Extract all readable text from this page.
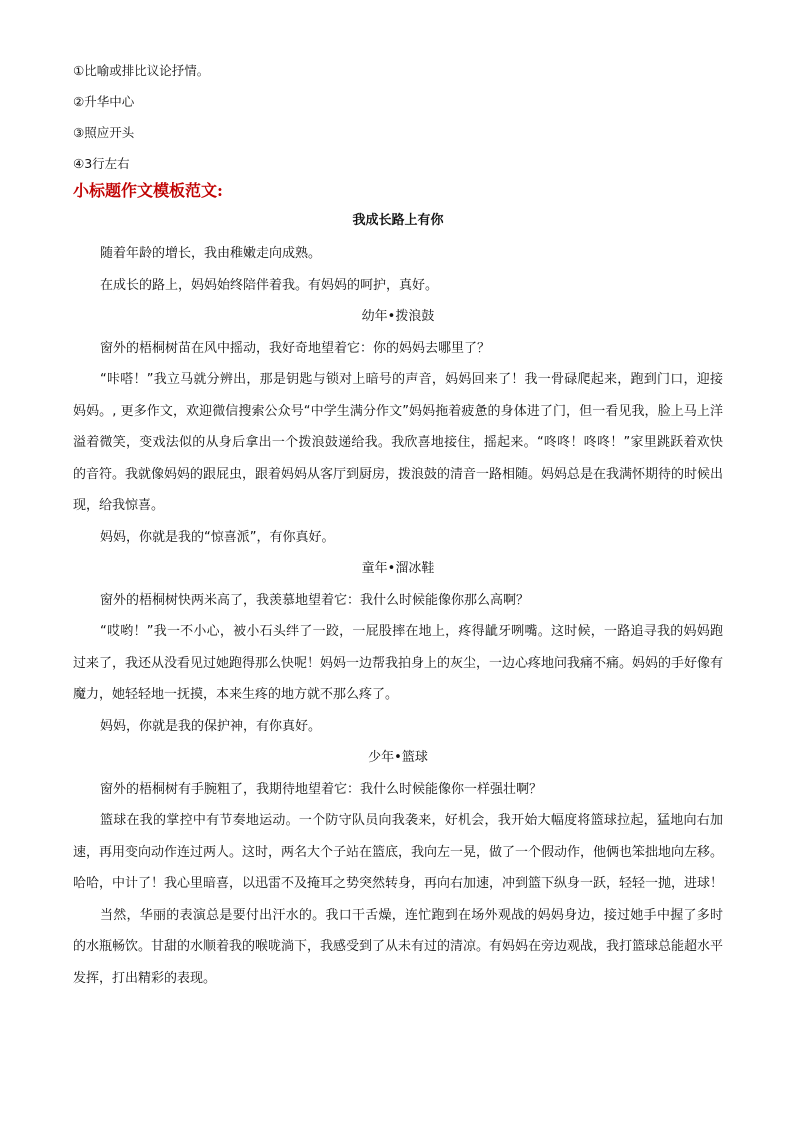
①比喻或排比议论抒情。
②升华中心
③照应开头
④3行左右
小标题作文模板范文:
我成长路上有你

随着年龄的增长，我由稚嫩走向成熟。

在成长的路上，妈妈始终陪伴着我。有妈妈的呵护，真好。

幼年•拨浪鼓

窗外的梧桐树苗在风中摇动，我好奇地望着它：你的妈妈去哪里了？

“咔嗒！”我立马就分辨出，那是钥匙与锁对上暗号的声音，妈妈回来了！我一骨碌爬起来，跑到门口，迎接妈妈。, 更多作文，欢迎微信搜索公众号“中学生满分作文”妈妈拖着疲惫的身体进了门，但一看见我，脸上马上洋溢着微笑，变戏法似的从身后拿出一个拨浪鼓递给我。我欣喜地接住，摇起来。“咚咚！咚咚！”家里跳跃着欢快的音符。我就像妈妈的跟屁虫，跟着妈妈从客厅到厨房，拨浪鼓的清音一路相随。妈妈总是在我满怀期待的时候出现，给我惊喜。

妈妈，你就是我的“惊喜派”，有你真好。

童年•溜冰鞋

窗外的梧桐树快两米高了，我羡慕地望着它：我什么时候能像你那么高啊？

“哎哟！”我一不小心，被小石头绊了一跤，一屁股摔在地上，疼得龇牙咧嘴。这时候，一路追寻我的妈妈跑过来了，我还从没看见过她跑得那么快呢！妈妈一边帮我拍身上的灰尘，一边心疼地问我痛不痛。妈妈的手好像有魔力，她轻轻地一抚摸，本来生疼的地方就不那么疼了。

妈妈，你就是我的保护神，有你真好。

少年•篮球

窗外的梧桐树有手腕粗了，我期待地望着它：我什么时候能像你一样强壮啊？

篮球在我的掌控中有节奏地运动。一个防守队员向我袭来，好机会，我开始大幅度将篮球拉起，猛地向右加速，再用变向动作连过两人。这时，两名大个子站在篮底，我向左一晃，做了一个假动作，他俩也笨拙地向左移。哈哈，中计了！我心里暗喜，以迅雷不及掩耳之势突然转身，再向右加速，冲到篮下纵身一跃，轻轻一抛，进球！

当然，华丽的表演总是要付出汗水的。我口干舌燥，连忙跑到在场外观战的妈妈身边，接过她手中握了多时的水瓶畅饮。甘甜的水顺着我的喉咙淌下，我感受到了从未有过的清凉。有妈妈在旁边观战，我打篮球总能超水平发挥，打出精彩的表现。
